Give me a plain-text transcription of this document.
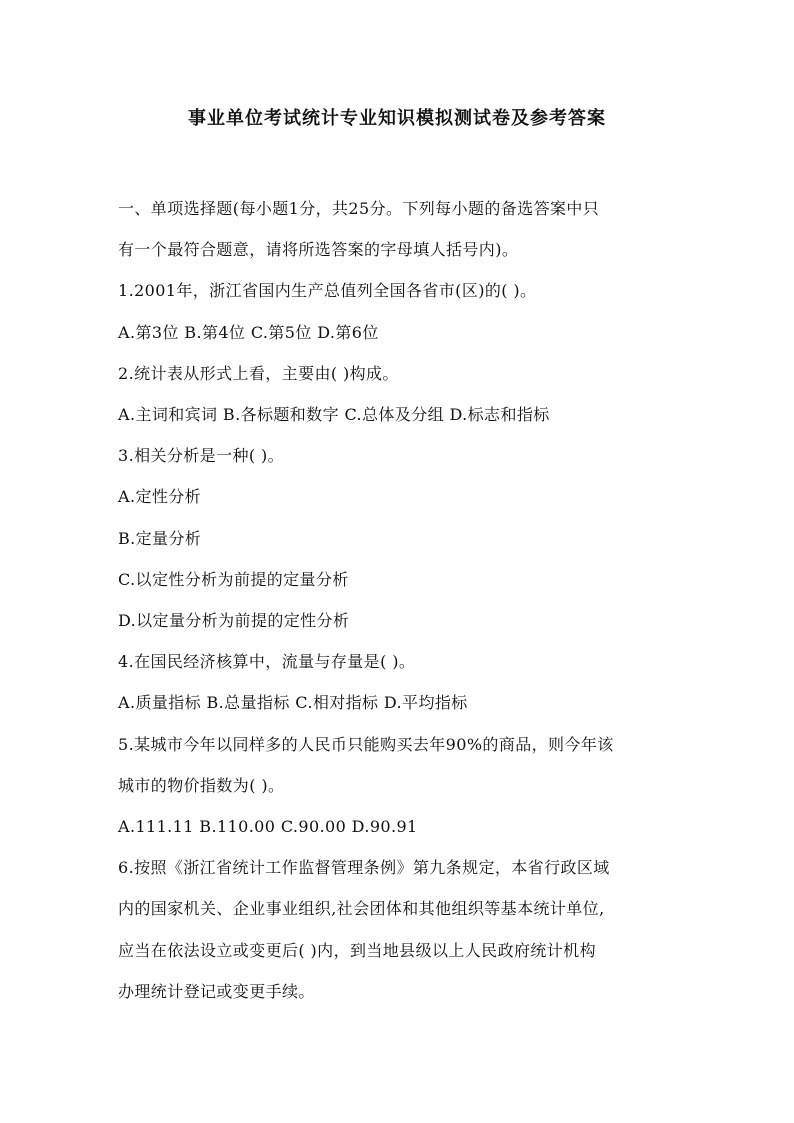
事业单位考试统计专业知识模拟测试卷及参考答案
一、单项选择题(每小题1分，共25分。下列每小题的备选答案中只
有一个最符合题意，请将所选答案的字母填人括号内)。
1.2001年，浙江省国内生产总值列全国各省市(区)的( )。
A.第3位 B.第4位 C.第5位 D.第6位
2.统计表从形式上看，主要由( )构成。
A.主词和宾词 B.各标题和数字 C.总体及分组 D.标志和指标
3.相关分析是一种( )。
A.定性分析
B.定量分析
C.以定性分析为前提的定量分析
D.以定量分析为前提的定性分析
4.在国民经济核算中，流量与存量是( )。
A.质量指标 B.总量指标 C.相对指标 D.平均指标
5.某城市今年以同样多的人民币只能购买去年90%的商品，则今年该
城市的物价指数为( )。
A.111.11 B.110.00 C.90.00 D.90.91
6.按照《浙江省统计工作监督管理条例》第九条规定，本省行政区域
内的国家机关、企业事业组织,社会团体和其他组织等基本统计单位,
应当在依法设立或变更后( )内，到当地县级以上人民政府统计机构
办理统计登记或变更手续。
